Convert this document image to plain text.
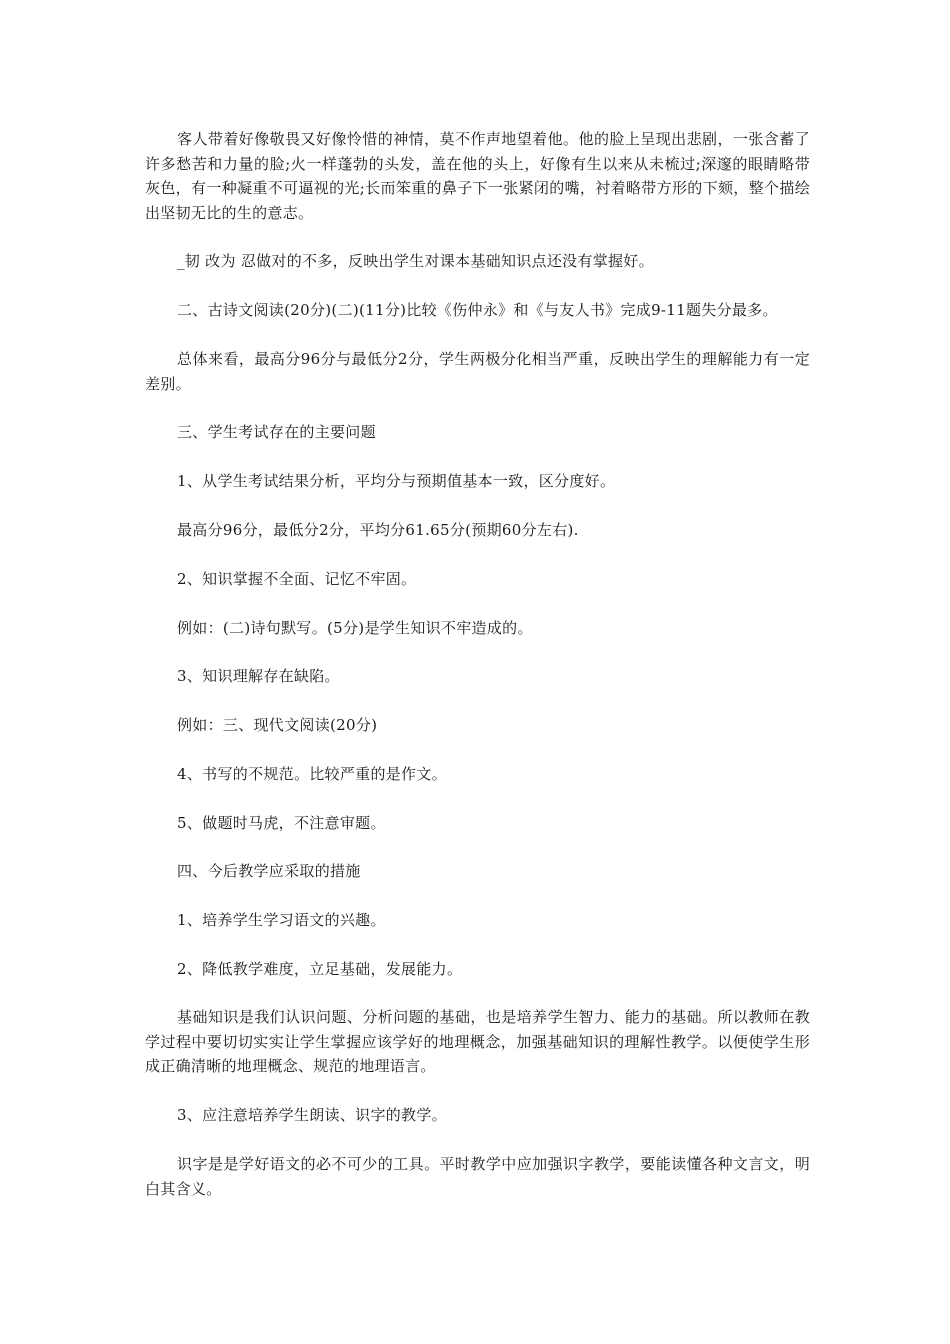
客人带着好像敬畏又好像怜惜的神情，莫不作声地望着他。他的脸上呈现出悲剧，一张含蓄了许多愁苦和力量的脸;火一样蓬勃的头发，盖在他的头上，好像有生以来从未梳过;深邃的眼睛略带灰色，有一种凝重不可逼视的光;长而笨重的鼻子下一张紧闭的嘴，衬着略带方形的下颏，整个描绘出坚韧无比的生的意志。

_韧 改为 忍做对的不多，反映出学生对课本基础知识点还没有掌握好。

二、古诗文阅读(20分)(二)(11分)比较《伤仲永》和《与友人书》完成9-11题失分最多。

总体来看，最高分96分与最低分2分，学生两极分化相当严重，反映出学生的理解能力有一定差别。

三、学生考试存在的主要问题

1、从学生考试结果分析，平均分与预期值基本一致，区分度好。

最高分96分，最低分2分，平均分61.65分(预期60分左右).

2、知识掌握不全面、记忆不牢固。

例如：(二)诗句默写。(5分)是学生知识不牢造成的。

3、知识理解存在缺陷。

例如：三、现代文阅读(20分)

4、书写的不规范。比较严重的是作文。

5、做题时马虎，不注意审题。

四、今后教学应采取的措施

1、培养学生学习语文的兴趣。

2、降低教学难度，立足基础，发展能力。

基础知识是我们认识问题、分析问题的基础，也是培养学生智力、能力的基础。所以教师在教学过程中要切切实实让学生掌握应该学好的地理概念，加强基础知识的理解性教学。以便使学生形成正确清晰的地理概念、规范的地理语言。

3、应注意培养学生朗读、识字的教学。

识字是是学好语文的必不可少的工具。平时教学中应加强识字教学，要能读懂各种文言文，明白其含义。
